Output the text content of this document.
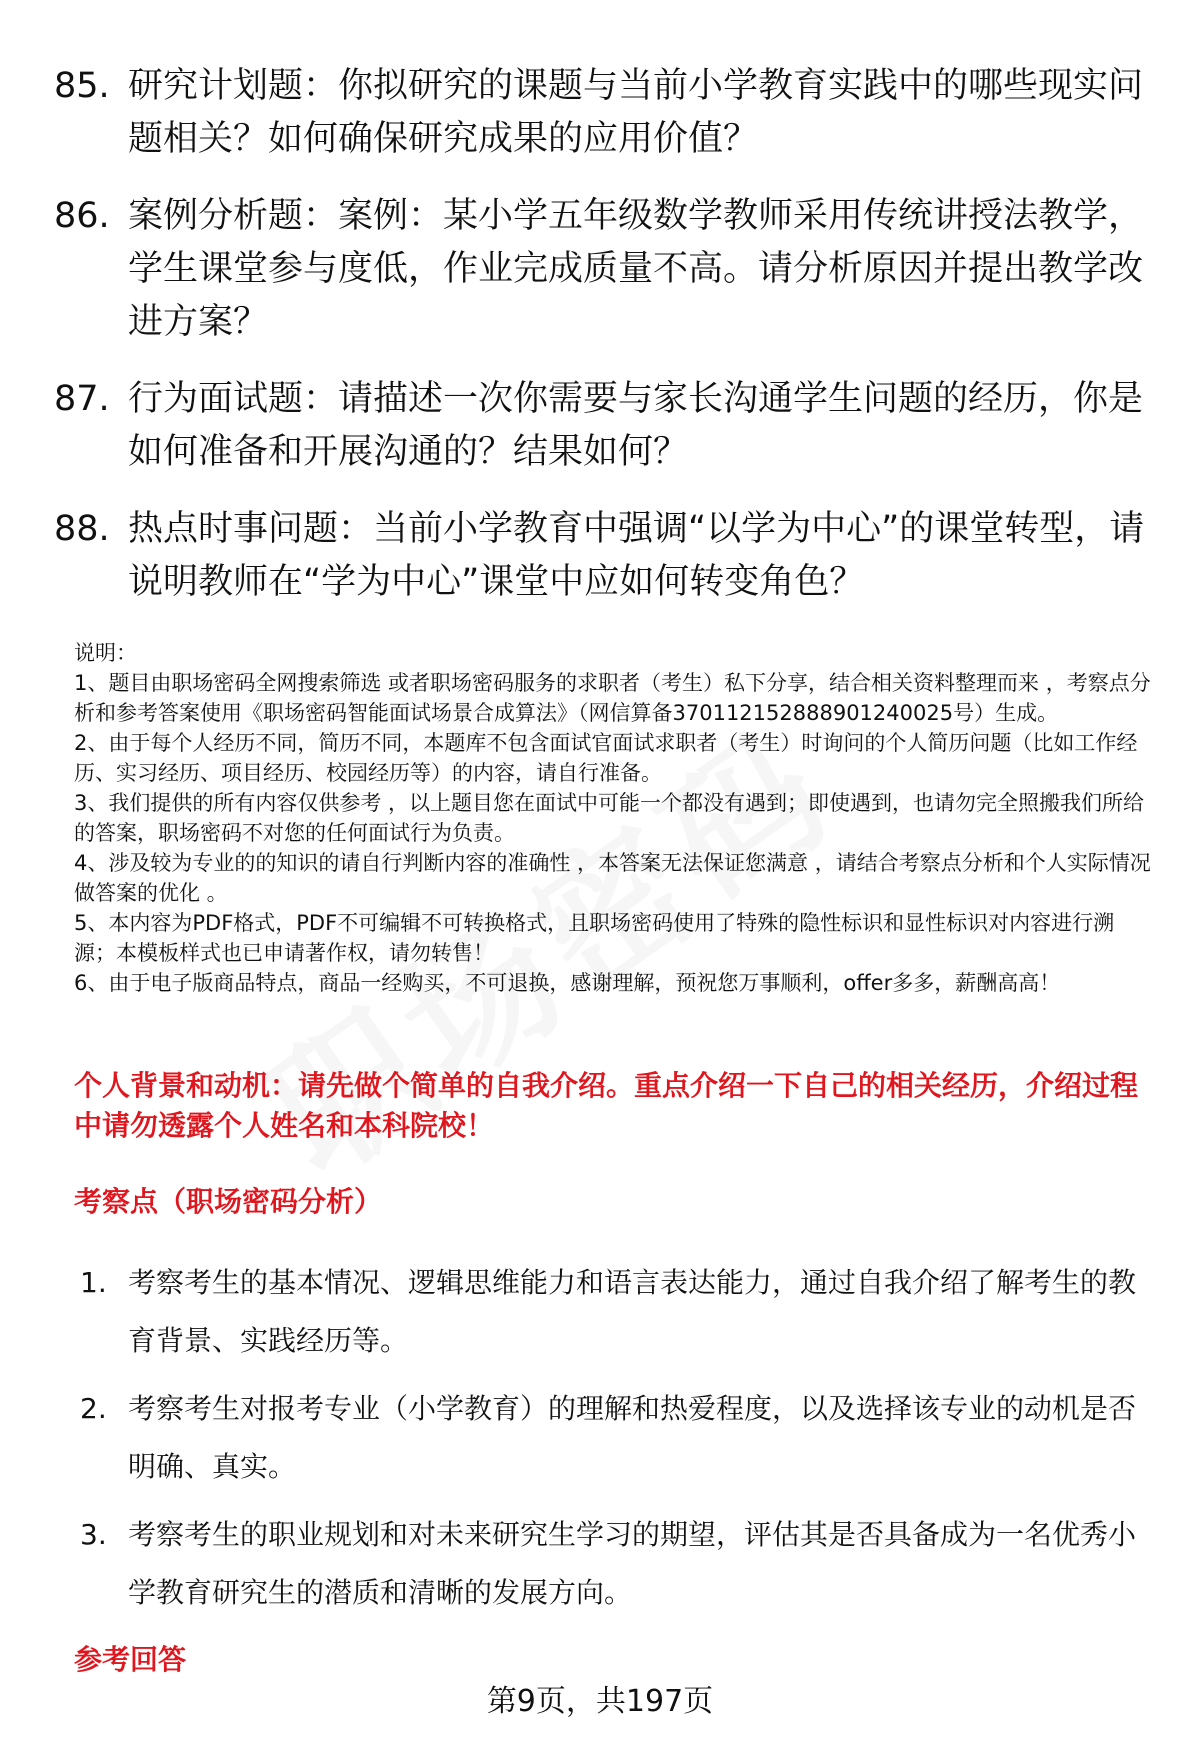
85. 研究计划题：你拟研究的课题与当前小学教育实践中的哪些现实问题相关？如何确保研究成果的应用价值？
86. 案例分析题：案例：某小学五年级数学教师采用传统讲授法教学，学生课堂参与度低，作业完成质量不高。请分析原因并提出教学改进方案？
87. 行为面试题：请描述一次你需要与家长沟通学生问题的经历，你是如何准备和开展沟通的？结果如何？
88. 热点时事问题：当前小学教育中强调“以学为中心”的课堂转型，请说明教师在“学为中心”课堂中应如何转变角色？

说明：

1、题目由职场密码全网搜索筛选 或者职场密码服务的求职者（考生）私下分享，结合相关资料整理而来 ，考察点分析和参考答案使用《职场密码智能面试场景合成算法》（网信算备370112152888901240025号）生成。

2、由于每个人经历不同，简历不同，本题库不包含面试官面试求职者（考生）时询问的个人简历问题（比如工作经历、实习经历、项目经历、校园经历等）的内容，请自行准备。

3、我们提供的所有内容仅供参考 ，以上题目您在面试中可能一个都没有遇到；即使遇到，也请勿完全照搬我们所给的答案，职场密码不对您的任何面试行为负责。

4、涉及较为专业的的知识的请自行判断内容的准确性 ，本答案无法保证您满意 ，请结合考察点分析和个人实际情况做答案的优化 。

5、本内容为PDF格式，PDF不可编辑不可转换格式，且职场密码使用了特殊的隐性标识和显性标识对内容进行溯源；本模板样式也已申请著作权，请勿转售！

6、由于电子版商品特点，商品一经购买，不可退换，感谢理解，预祝您万事顺利，offer多多，薪酬高高！

个人背景和动机：请先做个简单的自我介绍。重点介绍一下自己的相关经历，介绍过程中请勿透露个人姓名和本科院校！
考察点（职场密码分析）
1. 考察考生的基本情况、逻辑思维能力和语言表达能力，通过自我介绍了解考生的教育背景、实践经历等。
2. 考察考生对报考专业（小学教育）的理解和热爱程度，以及选择该专业的动机是否明确、真实。
3. 考察考生的职业规划和对未来研究生学习的期望，评估其是否具备成为一名优秀小学教育研究生的潜质和清晰的发展方向。
参考回答
第9页，共197页
